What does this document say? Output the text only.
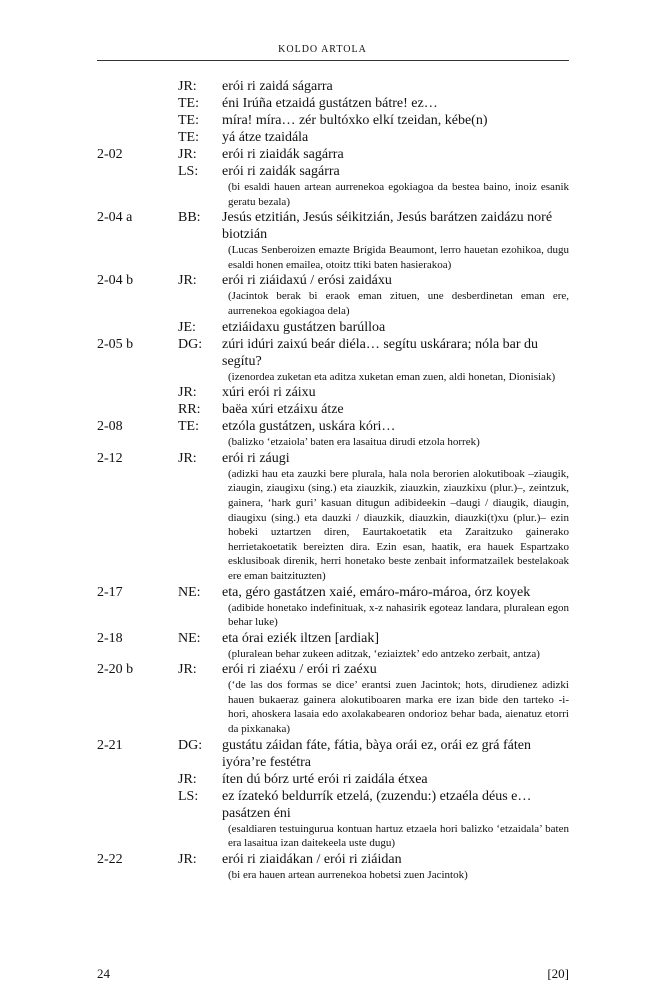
KOLDO ARTOLA
JR:	erói ri zaidá ságarra
TE:	éni Irúña etzaidá gustátzen bátre! ez…
TE:	míra! míra… zér bultóxko elkí tzeidan, kébe(n)
TE:	yá átze tzaidála
2-02	JR:	erói ri ziaidák sagárra
LS:	erói ri zaidák sagárra
(bi esaldi hauen artean aurrenekoa egokiagoa da bestea baino, inoiz esanik geratu bezala)
2-04 a	BB:	Jesús etzitián, Jesús séikitzián, Jesús barátzen zaidázu noré biotzián
(Lucas Senberoizen emazte Brígida Beaumont, lerro hauetan ezohikoa, dugu esaldi honen emailea, otoitz ttiki baten hasierakoa)
2-04 b	JR:	erói ri ziáidaxú / erósi zaidáxu
(Jacintok berak bi eraok eman zituen, une desberdinetan eman ere, aurrenekoa egokiagoa dela)
JE:	etziáidaxu gustátzen barúlloa
2-05 b	DG:	zúri idúri zaixú beár diéla… segítu uskárara; nóla bar du segítu?
(izenordea zuketan eta aditza xuketan eman zuen, aldi honetan, Dionisiak)
JR:	xúri erói ri záixu
RR:	baëa xúri etzáixu átze
2-08	TE:	etzóla gustátzen, uskára kóri…
(balizko ‘etzaiola’ baten era lasaitua dirudi etzola horrek)
2-12	JR:	erói ri záugi
(adizki hau eta zauzki bere plurala, hala nola berorien alokutiboak –ziaugik, ziaugin, ziaugixu (sing.) eta ziauzkik, ziauzkin, ziauzkixu (plur.)–, zeintzuk, gainera, ‘hark guri’ kasuan ditugun adibideekin –daugi / diaugik, diaugin, diaugixu (sing.) eta dauzki / diauzkik, diauzkin, diauzki(t)xu (plur.)– ezin hobeki uztartzen diren, Eaurtakoetatik eta Zaraitzuko gainerako herrietakoetatik bereizten dira. Ezin esan, haatik, era hauek Espartzako esklusiboak direnik, herri honetako beste zenbait informatzailek bestelakoak ere eman baitzituzten)
2-17	NE:	eta, géro gastátzen xaié, emáro-máro-mároa, órz koyek
(adibide honetako indefinituak, x-z nahasirik egoteaz landara, pluralean egon behar luke)
2-18	NE:	eta órai eziék iltzen [ardiak]
(pluralean behar zukeen aditzak, ‘eziaiztek’ edo antzeko zerbait, antza)
2-20 b	JR:	erói ri ziaéxu / erói ri zaéxu
(‘de las dos formas se dice’ erantsi zuen Jacintok; hots, dirudienez adizki hauen bukaeraz gainera alokutiboaren marka ere izan bide den tarteko -i- hori, ahoskera lasaia edo axolakabearen ondorioz behar bada, aienatuz etorri da pixkanaka)
2-21	DG:	gustátu záidan fáte, fátia, bàya orái ez, orái ez grá fáten iyóra’re festétra
JR:	íten dú bórz urté erói ri zaidála étxea
LS:	ez ízatekó beldurrík etzelá, (zuzendu:) etzaéla déus e… pasátzen éni
(esaldiaren testuingurua kontuan hartuz etzaela hori balizko ‘etzaidala’ baten era lasaitua izan daitekeela uste dugu)
2-22	JR:	erói ri ziaidákan / erói ri ziáidan
(bi era hauen artean aurrenekoa hobetsi zuen Jacintok)
24	[20]
